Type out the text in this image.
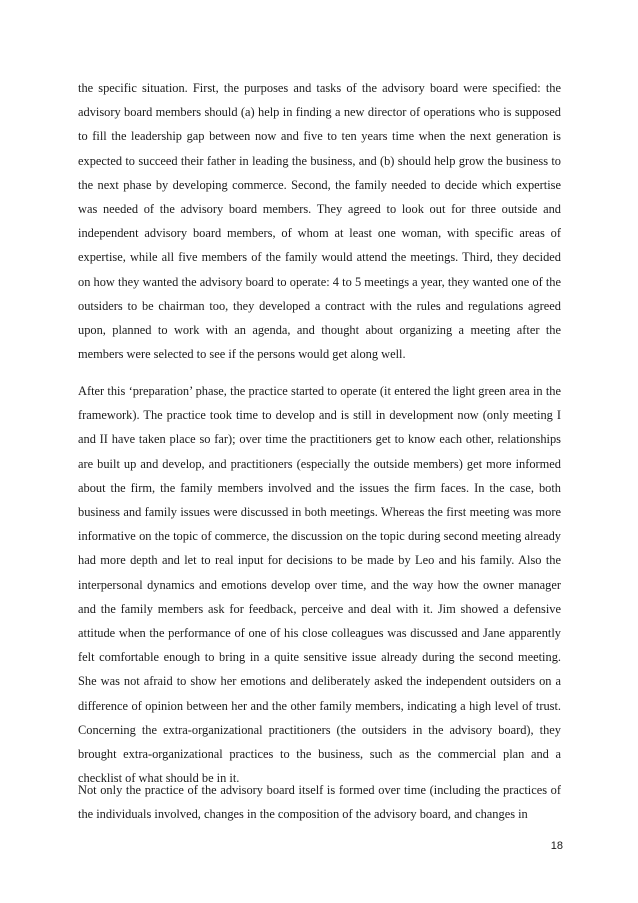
the specific situation. First, the purposes and tasks of the advisory board were specified: the advisory board members should (a) help in finding a new director of operations who is supposed to fill the leadership gap between now and five to ten years time when the next generation is expected to succeed their father in leading the business, and (b) should help grow the business to the next phase by developing commerce. Second, the family needed to decide which expertise was needed of the advisory board members. They agreed to look out for three outside and independent advisory board members, of whom at least one woman, with specific areas of expertise, while all five members of the family would attend the meetings. Third, they decided on how they wanted the advisory board to operate: 4 to 5 meetings a year, they wanted one of the outsiders to be chairman too, they developed a contract with the rules and regulations agreed upon, planned to work with an agenda, and thought about organizing a meeting after the members were selected to see if the persons would get along well.

After this ‘preparation’ phase, the practice started to operate (it entered the light green area in the framework). The practice took time to develop and is still in development now (only meeting I and II have taken place so far); over time the practitioners get to know each other, relationships are built up and develop, and practitioners (especially the outside members) get more informed about the firm, the family members involved and the issues the firm faces. In the case, both business and family issues were discussed in both meetings. Whereas the first meeting was more informative on the topic of commerce, the discussion on the topic during second meeting already had more depth and let to real input for decisions to be made by Leo and his family. Also the interpersonal dynamics and emotions develop over time, and the way how the owner manager and the family members ask for feedback, perceive and deal with it. Jim showed a defensive attitude when the performance of one of his close colleagues was discussed and Jane apparently felt comfortable enough to bring in a quite sensitive issue already during the second meeting. She was not afraid to show her emotions and deliberately asked the independent outsiders on a difference of opinion between her and the other family members, indicating a high level of trust. Concerning the extra-organizational practitioners (the outsiders in the advisory board), they brought extra-organizational practices to the business, such as the commercial plan and a checklist of what should be in it.

Not only the practice of the advisory board itself is formed over time (including the practices of the individuals involved, changes in the composition of the advisory board, and changes in

18
